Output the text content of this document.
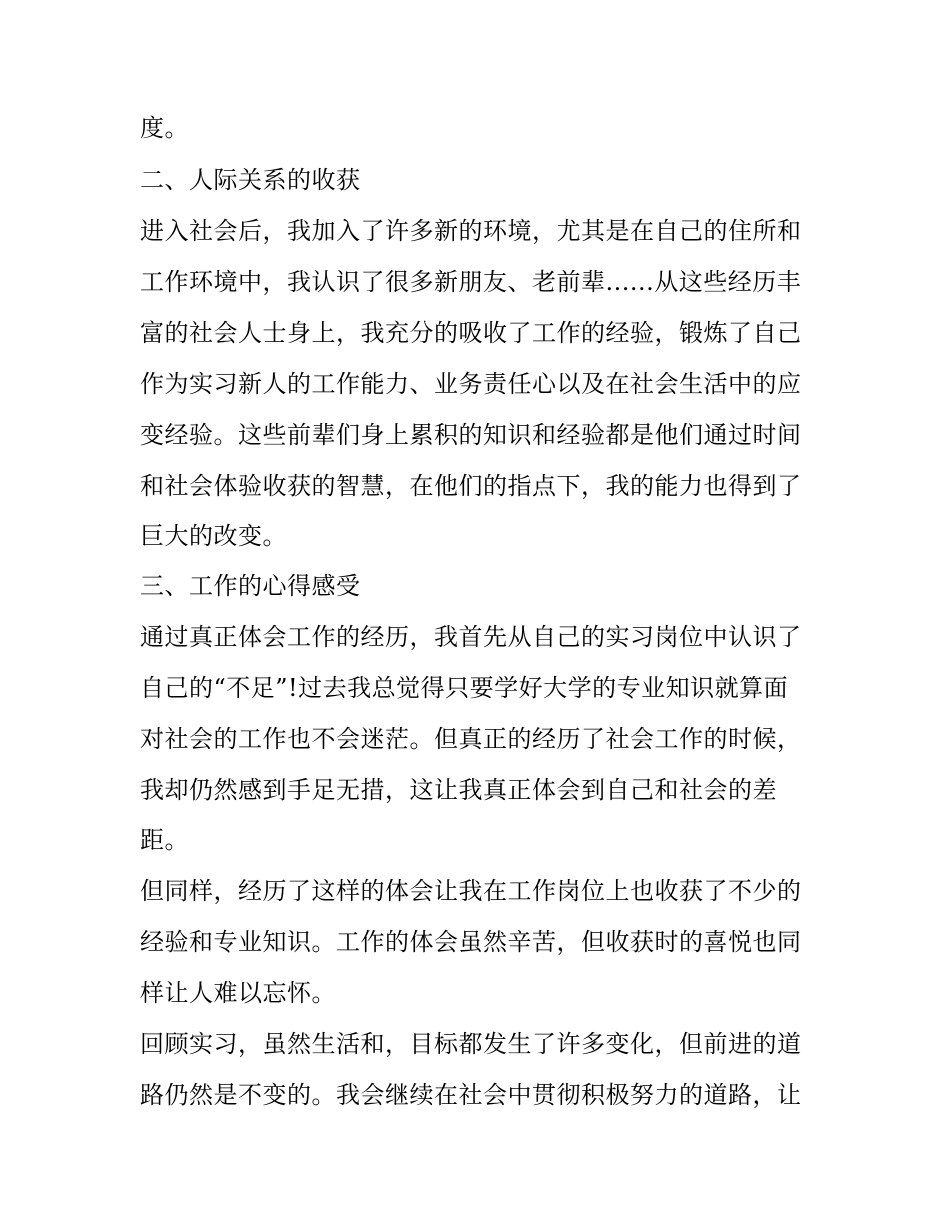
度。
二、人际关系的收获
进入社会后，我加入了许多新的环境，尤其是在自己的住所和
工作环境中，我认识了很多新朋友、老前辈......从这些经历丰
富的社会人士身上，我充分的吸收了工作的经验，锻炼了自己
作为实习新人的工作能力、业务责任心以及在社会生活中的应
变经验。这些前辈们身上累积的知识和经验都是他们通过时间
和社会体验收获的智慧，在他们的指点下，我的能力也得到了
巨大的改变。
三、工作的心得感受
通过真正体会工作的经历，我首先从自己的实习岗位中认识了
自己的“不足”!过去我总觉得只要学好大学的专业知识就算面
对社会的工作也不会迷茫。但真正的经历了社会工作的时候，
我却仍然感到手足无措，这让我真正体会到自己和社会的差
距。
但同样，经历了这样的体会让我在工作岗位上也收获了不少的
经验和专业知识。工作的体会虽然辛苦，但收获时的喜悦也同
样让人难以忘怀。
回顾实习，虽然生活和，目标都发生了许多变化，但前进的道
路仍然是不变的。我会继续在社会中贯彻积极努力的道路，让
